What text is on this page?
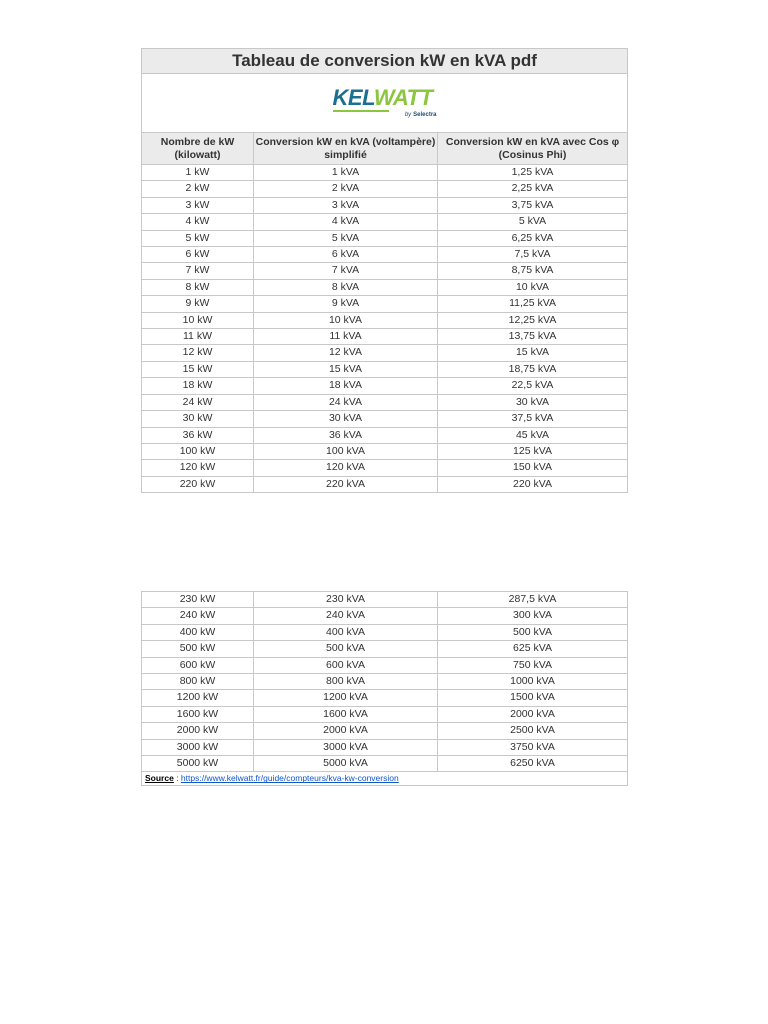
Tableau de conversion kW en kVA pdf		

KELWATT
by Selectra		

Nombre de kW (kilowatt)	Conversion kW en kVA (voltampère) simplifié	Conversion kW en kVA avec Cos φ (Cosinus Phi)
1 kW	1 kVA	1,25 kVA
2 kW	2 kVA	2,25 kVA
3 kW	3 kVA	3,75 kVA
4 kW	4 kVA	5 kVA
5 kW	5 kVA	6,25 kVA
6 kW	6 kVA	7,5 kVA
7 kW	7 kVA	8,75 kVA
8 kW	8 kVA	10 kVA
9 kW	9 kVA	11,25 kVA
10 kW	10 kVA	12,25 kVA
11 kW	11 kVA	13,75 kVA
12 kW	12 kVA	15 kVA
15 kW	15 kVA	18,75 kVA
18 kW	18 kVA	22,5 kVA
24 kW	24 kVA	30 kVA
30 kW	30 kVA	37,5 kVA
36 kW	36 kVA	45 kVA
100 kW	100 kVA	125 kVA
120 kW	120 kVA	150 kVA
220 kW	220 kVA	220 kVA
230 kW	230 kVA	287,5 kVA
240 kW	240 kVA	300 kVA
400 kW	400 kVA	500 kVA
500 kW	500 kVA	625 kVA
600 kW	600 kVA	750 kVA
800 kW	800 kVA	1000 kVA
1200 kW	1200 kVA	1500 kVA
1600 kW	1600 kVA	2000 kVA
2000 kW	2000 kVA	2500 kVA
3000 kW	3000 kVA	3750 kVA
5000 kW	5000 kVA	6250 kVA
Source : https://www.kelwatt.fr/guide/compteurs/kva-kw-conversion		
